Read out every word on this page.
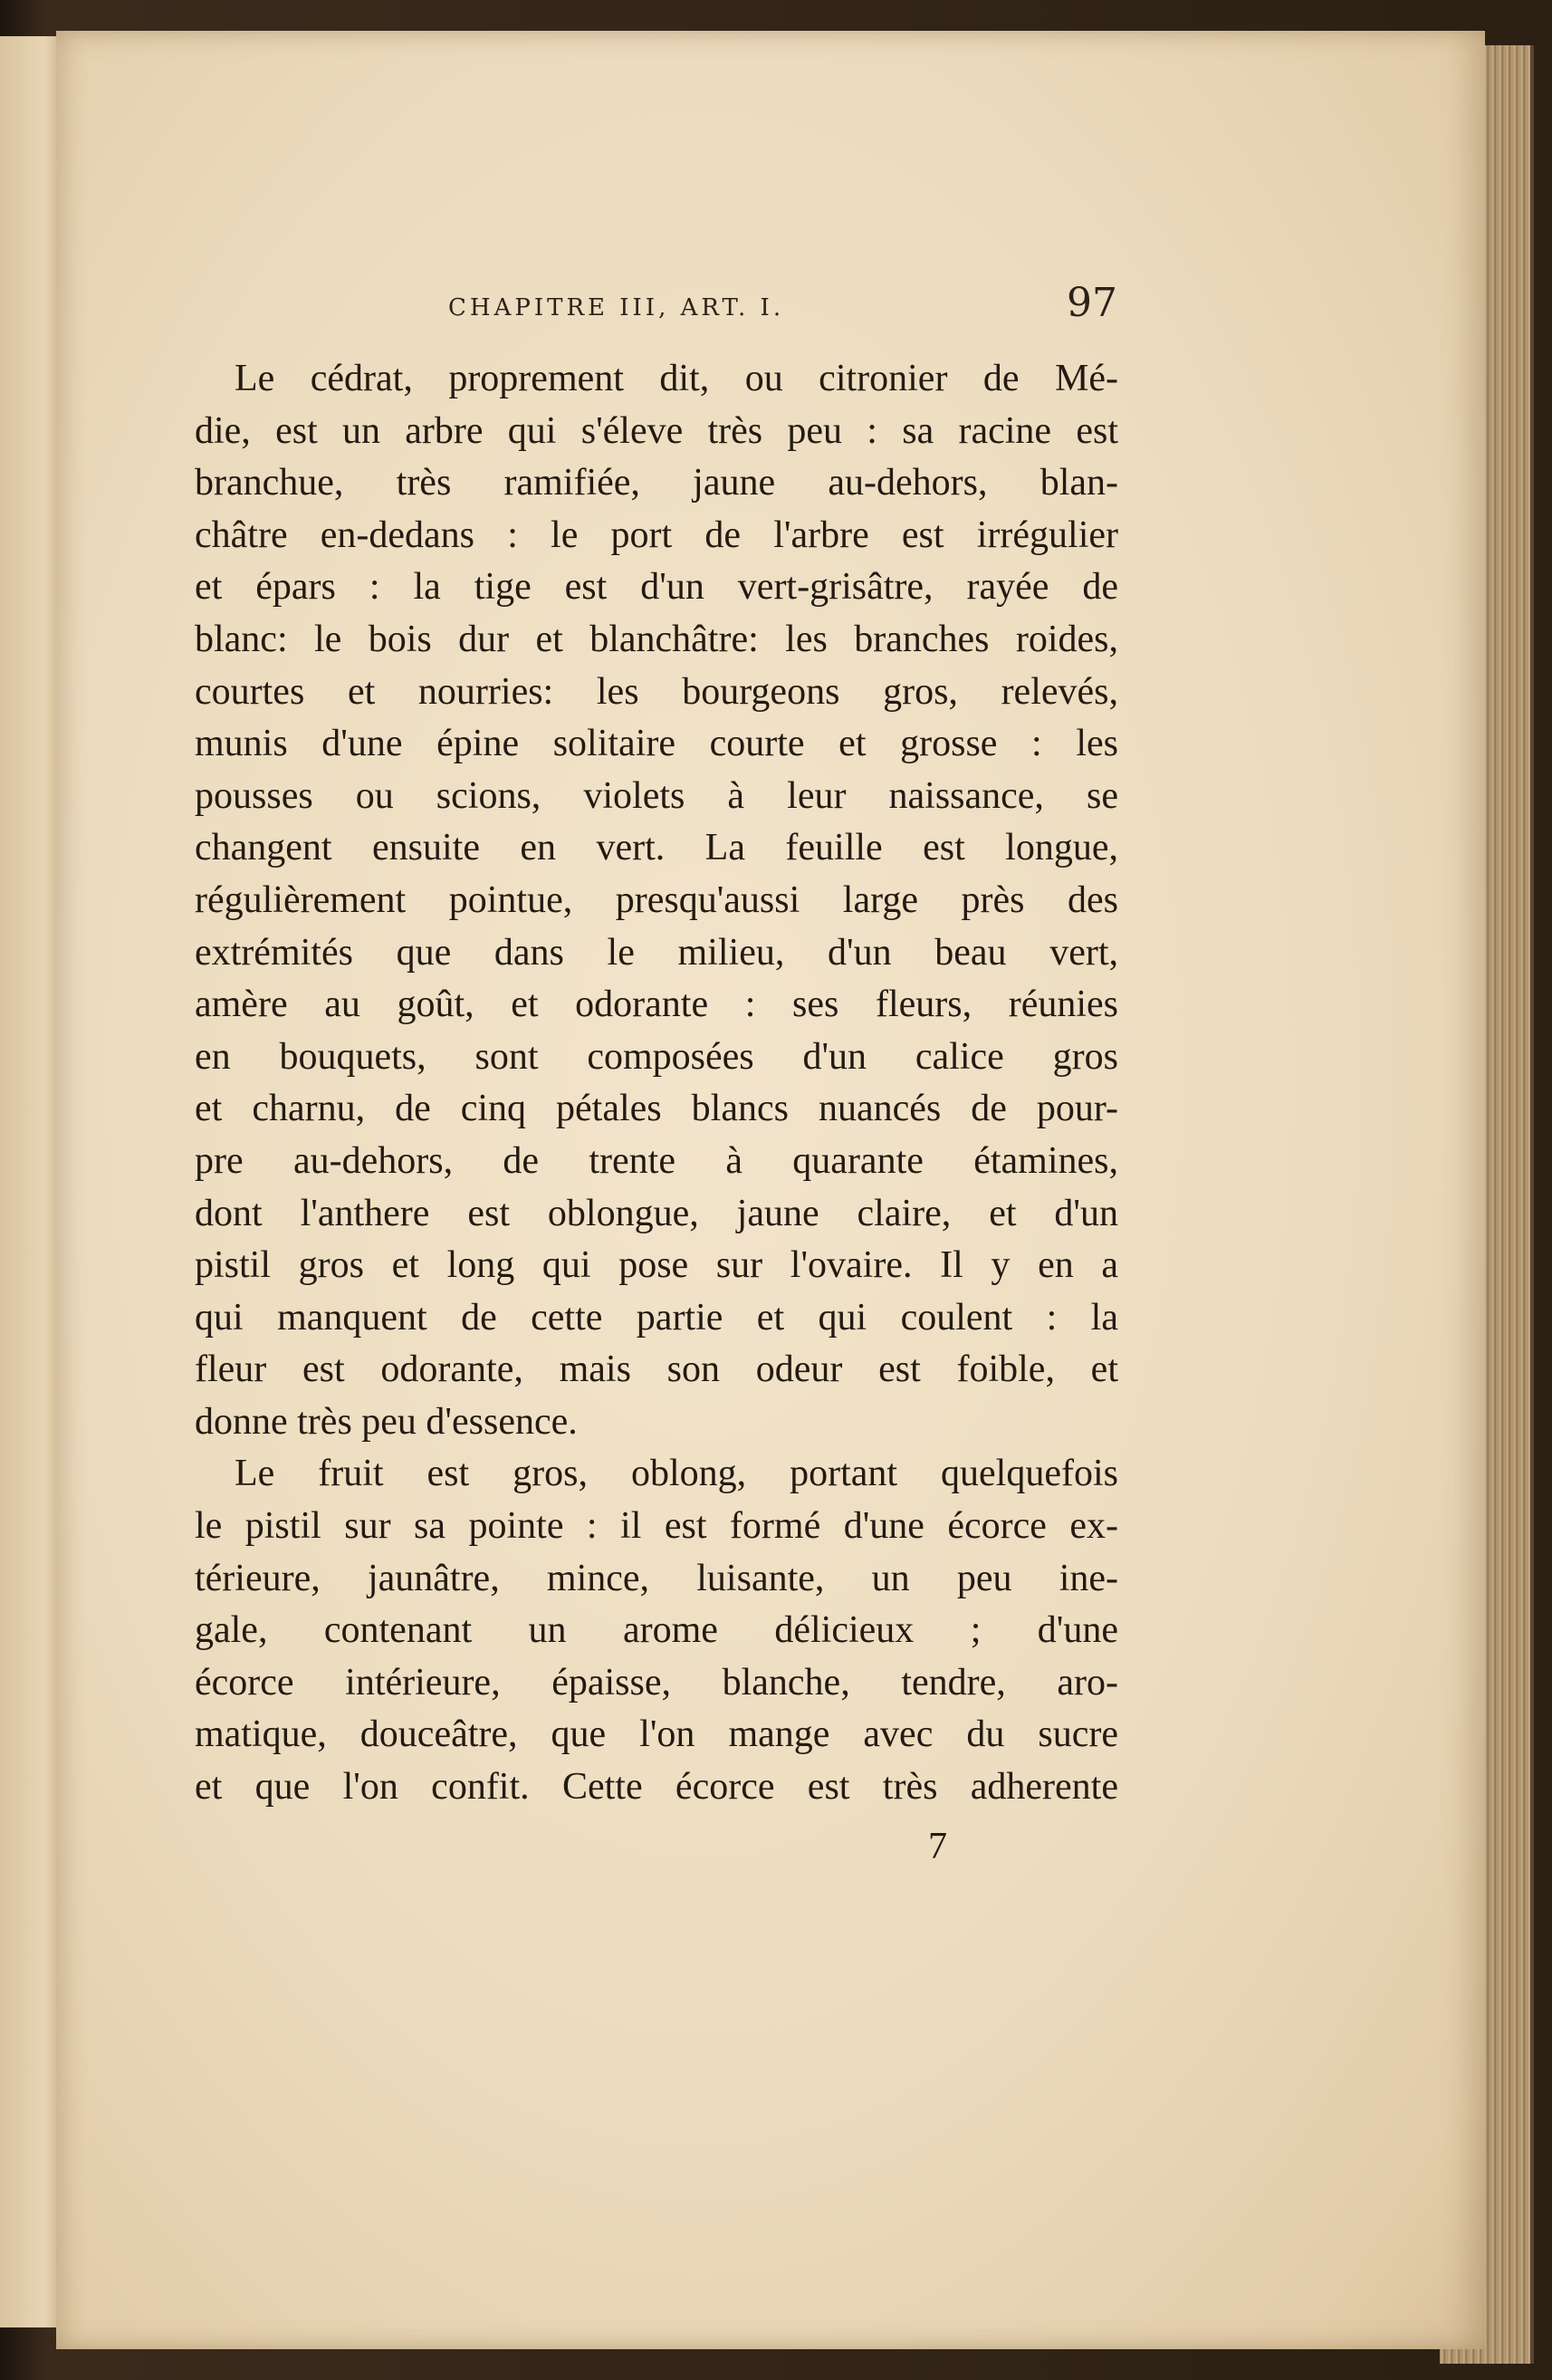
CHAPITRE III, ART. I.	97
Le cédrat, proprement dit, ou citronier de Mé-
die, est un arbre qui s'éleve très peu : sa racine est
branchue, très ramifiée, jaune au-dehors, blan-
châtre en-dedans : le port de l'arbre est irrégulier
et épars : la tige est d'un vert-grisâtre, rayée de
blanc: le bois dur et blanchâtre: les branches roides,
courtes et nourries: les bourgeons gros, relevés,
munis d'une épine solitaire courte et grosse : les
pousses ou scions, violets à leur naissance, se
changent ensuite en vert. La feuille est longue,
régulièrement pointue, presqu'aussi large près des
extrémités que dans le milieu, d'un beau vert,
amère au goût, et odorante : ses fleurs, réunies
en bouquets, sont composées d'un calice gros
et charnu, de cinq pétales blancs nuancés de pour-
pre au-dehors, de trente à quarante étamines,
dont l'anthere est oblongue, jaune claire, et d'un
pistil gros et long qui pose sur l'ovaire. Il y en a
qui manquent de cette partie et qui coulent : la
fleur est odorante, mais son odeur est foible, et
donne très peu d'essence.
Le fruit est gros, oblong, portant quelquefois
le pistil sur sa pointe : il est formé d'une écorce ex-
térieure, jaunâtre, mince, luisante, un peu ine-
gale, contenant un arome délicieux ; d'une
écorce intérieure, épaisse, blanche, tendre, aro-
matique, douceâtre, que l'on mange avec du sucre
et que l'on confit. Cette écorce est très adherente
7
